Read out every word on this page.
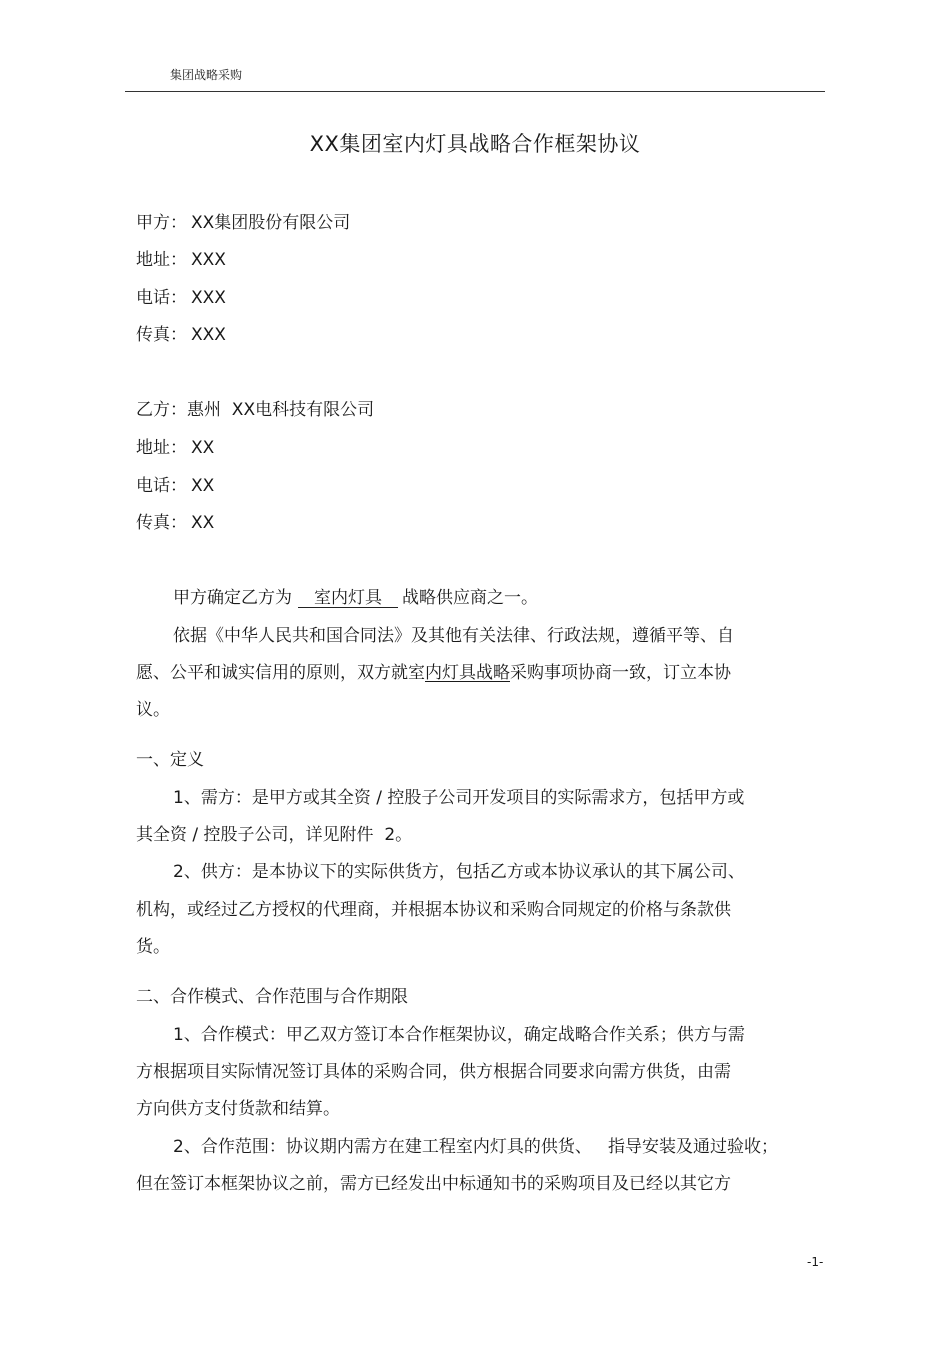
集团战略采购
XX集团室内灯具战略合作框架协议
甲方： XX集团股份有限公司
地址： XXX
电话： XXX
传真： XXX
乙方：惠州  XX电科技有限公司
地址： XX
电话： XX
传真： XX
甲方确定乙方为 室内灯具 战略供应商之一。
依据《中华人民共和国合同法》及其他有关法律、行政法规，遵循平等、自
愿、公平和诚实信用的原则，双方就室内灯具战略采购事项协商一致，订立本协
议。
一、定义
1、需方：是甲方或其全资 / 控股子公司开发项目的实际需求方，包括甲方或
其全资 / 控股子公司，详见附件  2。
2、供方：是本协议下的实际供货方，包括乙方或本协议承认的其下属公司、
机构，或经过乙方授权的代理商，并根据本协议和采购合同规定的价格与条款供
货。
二、合作模式、合作范围与合作期限
1、合作模式：甲乙双方签订本合作框架协议，确定战略合作关系；供方与需
方根据项目实际情况签订具体的采购合同，供方根据合同要求向需方供货，由需
方向供方支付货款和结算。
2、合作范围：协议期内需方在建工程室内灯具的供货、   指导安装及通过验收；
但在签订本框架协议之前，需方已经发出中标通知书的采购项目及已经以其它方
-1-
